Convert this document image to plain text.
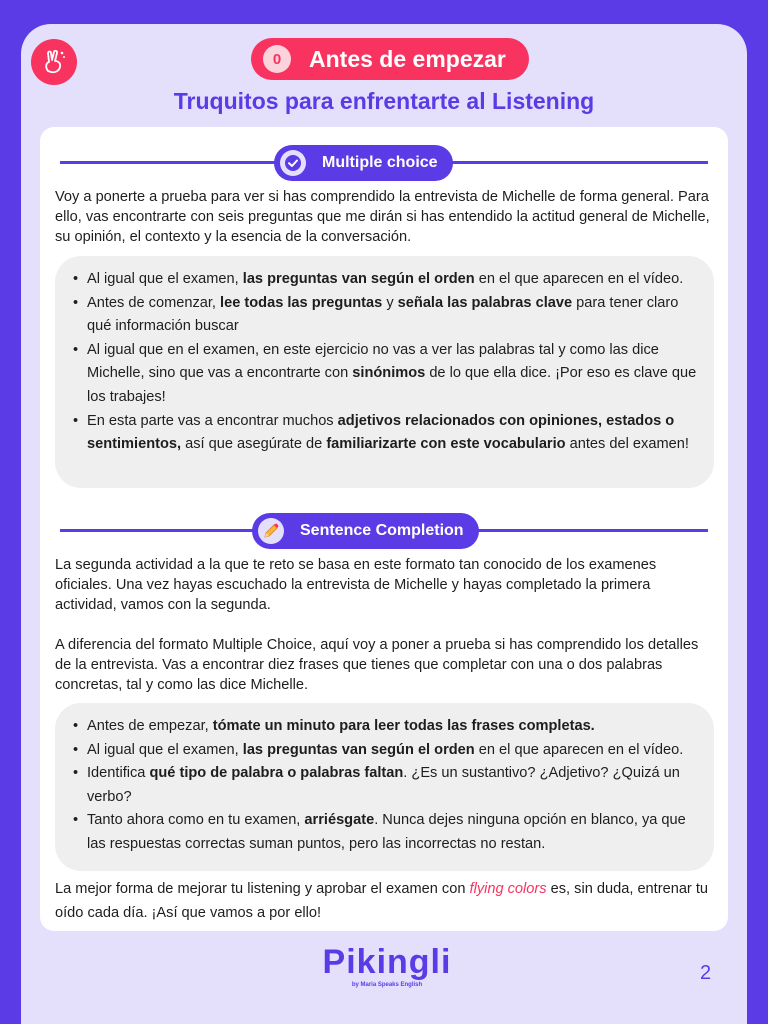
0	Antes de empezar
Truquitos para enfrentarte al Listening
Multiple choice
Voy a ponerte a prueba para ver si has comprendido la entrevista de Michelle de forma general. Para ello, vas encontrarte con seis preguntas que me dirán si has entendido la actitud general de Michelle, su opinión, el contexto y la esencia de la conversación.
• Al igual que el examen, las preguntas van según el orden en el que aparecen en el vídeo.
• Antes de comenzar, lee todas las preguntas y señala las palabras clave para tener claro qué información buscar
• Al igual que en el examen, en este ejercicio no vas a ver las palabras tal y como las dice Michelle, sino que vas a encontrarte con sinónimos de lo que ella dice. ¡Por eso es clave que los trabajes!
• En esta parte vas a encontrar muchos adjetivos relacionados con opiniones, estados o sentimientos, así que asegúrate de familiarizarte con este vocabulario antes del examen!
Sentence Completion
La segunda actividad a la que te reto se basa en este formato tan conocido de los examenes oficiales. Una vez hayas escuchado la entrevista de Michelle y hayas completado la primera actividad, vamos con la segunda.
A diferencia del formato Multiple Choice, aquí voy a poner a prueba si has comprendido los detalles de la entrevista. Vas a encontrar diez frases que tienes que completar con una o dos palabras concretas, tal y como las dice Michelle.
• Antes de empezar, tómate un minuto para leer todas las frases completas.
• Al igual que el examen, las preguntas van según el orden en el que aparecen en el vídeo.
• Identifica qué tipo de palabra o palabras faltan. ¿Es un sustantivo? ¿Adjetivo? ¿Quizá un verbo?
• Tanto ahora como en tu examen, arriésgate. Nunca dejes ninguna opción en blanco, ya que las respuestas correctas suman puntos, pero las incorrectas no restan.
La mejor forma de mejorar tu listening y aprobar el examen con flying colors es, sin duda, entrenar tu oído cada día. ¡Así que vamos a por ello!
Pikingli
by Maria Speaks English
2
